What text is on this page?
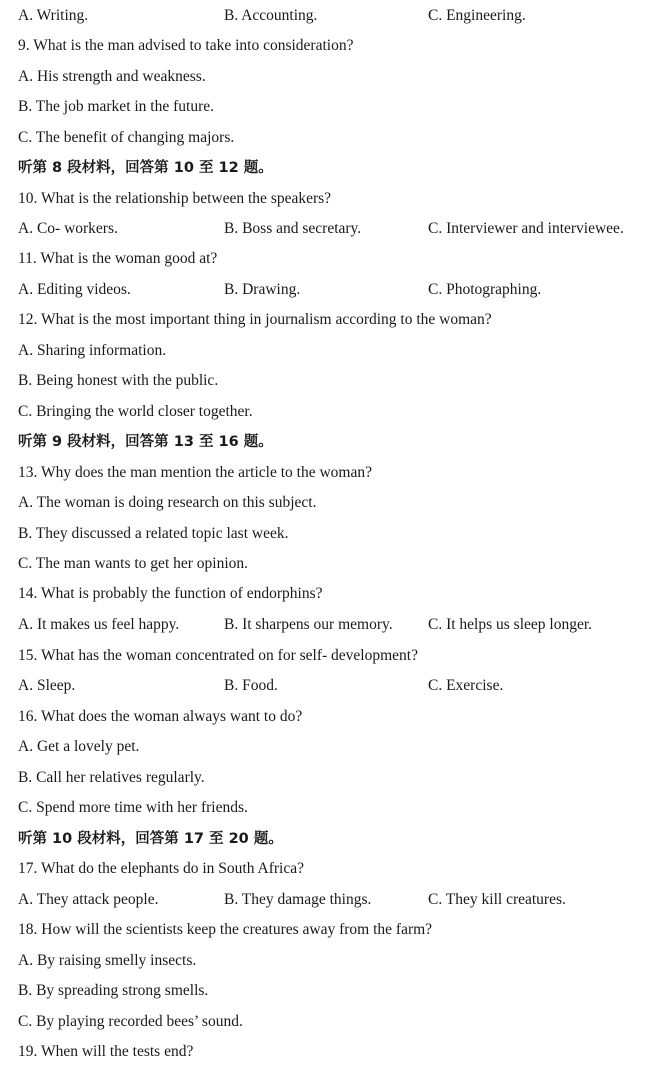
A. Writing.	B. Accounting.	C. Engineering.
9. What is the man advised to take into consideration?
A. His strength and weakness.
B. The job market in the future.
C. The benefit of changing majors.
听第 8 段材料，回答第 10 至 12 题。
10. What is the relationship between the speakers?
A. Co- workers.	B. Boss and secretary.	C. Interviewer and interviewee.
11. What is the woman good at?
A. Editing videos.	B. Drawing.	C. Photographing.
12. What is the most important thing in journalism according to the woman?
A. Sharing information.
B. Being honest with the public.
C. Bringing the world closer together.
听第 9 段材料，回答第 13 至 16 题。
13. Why does the man mention the article to the woman?
A. The woman is doing research on this subject.
B. They discussed a related topic last week.
C. The man wants to get her opinion.
14. What is probably the function of endorphins?
A. It makes us feel happy.	B. It sharpens our memory. C. It helps us sleep longer.
15. What has the woman concentrated on for self- development?
A. Sleep.	B. Food.	C. Exercise.
16. What does the woman always want to do?
A. Get a lovely pet.
B. Call her relatives regularly.
C. Spend more time with her friends.
听第 10 段材料，回答第 17 至 20 题。
17. What do the elephants do in South Africa?
A. They attack people.	B. They damage things.	C. They kill creatures.
18. How will the scientists keep the creatures away from the farm?
A. By raising smelly insects.
B. By spreading strong smells.
C. By playing recorded bees’ sound.
19. When will the tests end?
